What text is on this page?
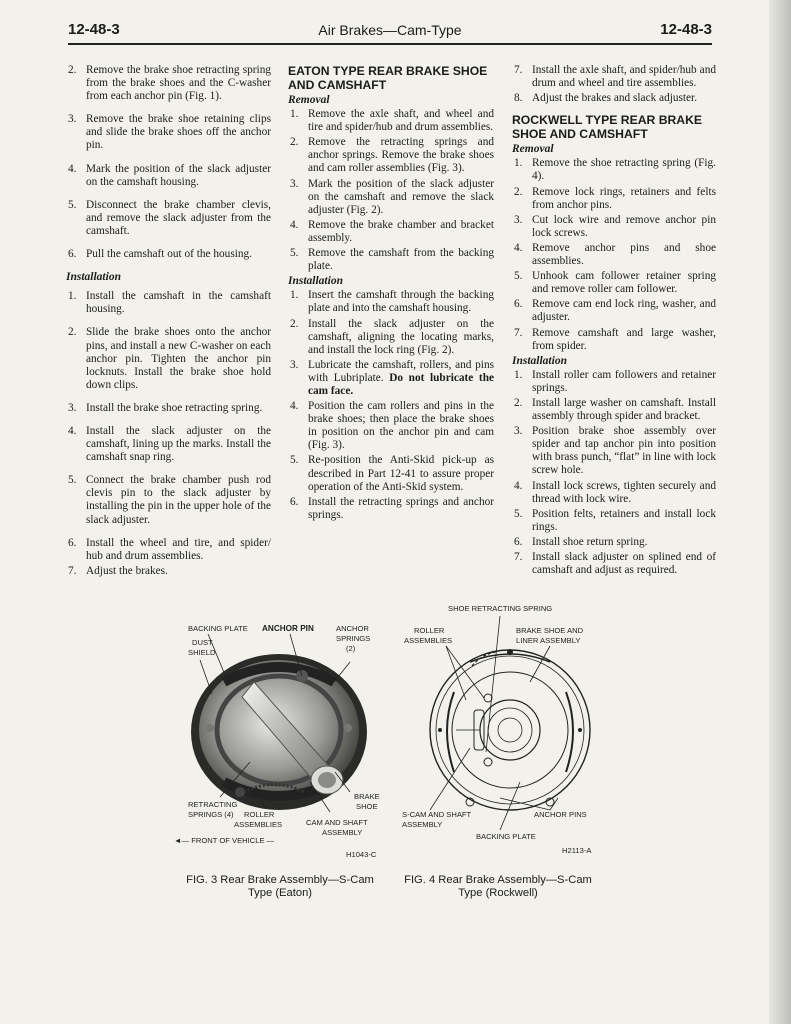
12-48-3	Air Brakes—Cam-Type	12-48-3
2. Remove the brake shoe retracting spring from the brake shoes and the C-washer from each anchor pin (Fig. 1).
3. Remove the brake shoe retaining clips and slide the brake shoes off the anchor pin.
4. Mark the position of the slack adjuster on the camshaft housing.
5. Disconnect the brake chamber clevis, and remove the slack adjuster from the camshaft.
6. Pull the camshaft out of the housing.
Installation
1. Install the camshaft in the camshaft housing.
2. Slide the brake shoes onto the anchor pins, and install a new C-washer on each anchor pin. Tighten the anchor pin locknuts. Install the brake shoe hold down clips.
3. Install the brake shoe retracting spring.
4. Install the slack adjuster on the camshaft, lining up the marks. Install the camshaft snap ring.
5. Connect the brake chamber push rod clevis pin to the slack adjuster by installing the pin in the upper hole of the slack adjuster.
6. Install the wheel and tire, and spider/ hub and drum assemblies.
7. Adjust the brakes.
EATON TYPE REAR BRAKE SHOE AND CAMSHAFT
Removal
1. Remove the axle shaft, and wheel and tire and spider/hub and drum assemblies.
2. Remove the retracting springs and anchor springs. Remove the brake shoes and cam roller assemblies (Fig. 3).
3. Mark the position of the slack adjuster on the camshaft and remove the slack adjuster (Fig. 2).
4. Remove the brake chamber and bracket assembly.
5. Remove the camshaft from the backing plate.
Installation
1. Insert the camshaft through the backing plate and into the camshaft housing.
2. Install the slack adjuster on the camshaft, aligning the locating marks, and install the lock ring (Fig. 2).
3. Lubricate the camshaft, rollers, and pins with Lubriplate. Do not lubricate the cam face.
4. Position the cam rollers and pins in the brake shoes; then place the brake shoes in position on the anchor pin and cam (Fig. 3).
5. Re-position the Anti-Skid pick-up as described in Part 12-41 to assure proper operation of the Anti-Skid system.
6. Install the retracting springs and anchor springs.
7. Install the axle shaft, and spider/hub and drum and wheel and tire assemblies.
8. Adjust the brakes and slack adjuster.
ROCKWELL TYPE REAR BRAKE SHOE AND CAMSHAFT
Removal
1. Remove the shoe retracting spring (Fig. 4).
2. Remove lock rings, retainers and felts from anchor pins.
3. Cut lock wire and remove anchor pin lock screws.
4. Remove anchor pins and shoe assemblies.
5. Unhook cam follower retainer spring and remove roller cam follower.
6. Remove cam end lock ring, washer, and adjuster.
7. Remove camshaft and large washer, from spider.
Installation
1. Install roller cam followers and retainer springs.
2. Install large washer on camshaft. Install assembly through spider and bracket.
3. Position brake shoe assembly over spider and tap anchor pin into position with brass punch, “flat” in line with lock screw hole.
4. Install lock screws, tighten securely and thread with lock wire.
5. Position felts, retainers and install lock rings.
6. Install shoe return spring.
7. Install slack adjuster on splined end of camshaft and adjust as required.
BACKING PLATE ANCHOR PIN	ANCHOR
SPRINGS
(2)
DUST
SHIELD
RETRACTING
SPRINGS (4) ROLLER
ASSEMBLIES
BRAKE
SHOE
CAM AND SHAFT
ASSEMBLY
◄— FRONT OF VEHICLE —
H1043-C
SHOE RETRACTING SPRING
ROLLER
ASSEMBLIES
BRAKE SHOE AND
LINER ASSEMBLY
S-CAM AND SHAFT
ASSEMBLY
ANCHOR PINS
BACKING PLATE
H2113-A
FIG. 3 Rear Brake Assembly—S-Cam
Type (Eaton)
FIG. 4 Rear Brake Assembly—S-Cam
Type (Rockwell)
